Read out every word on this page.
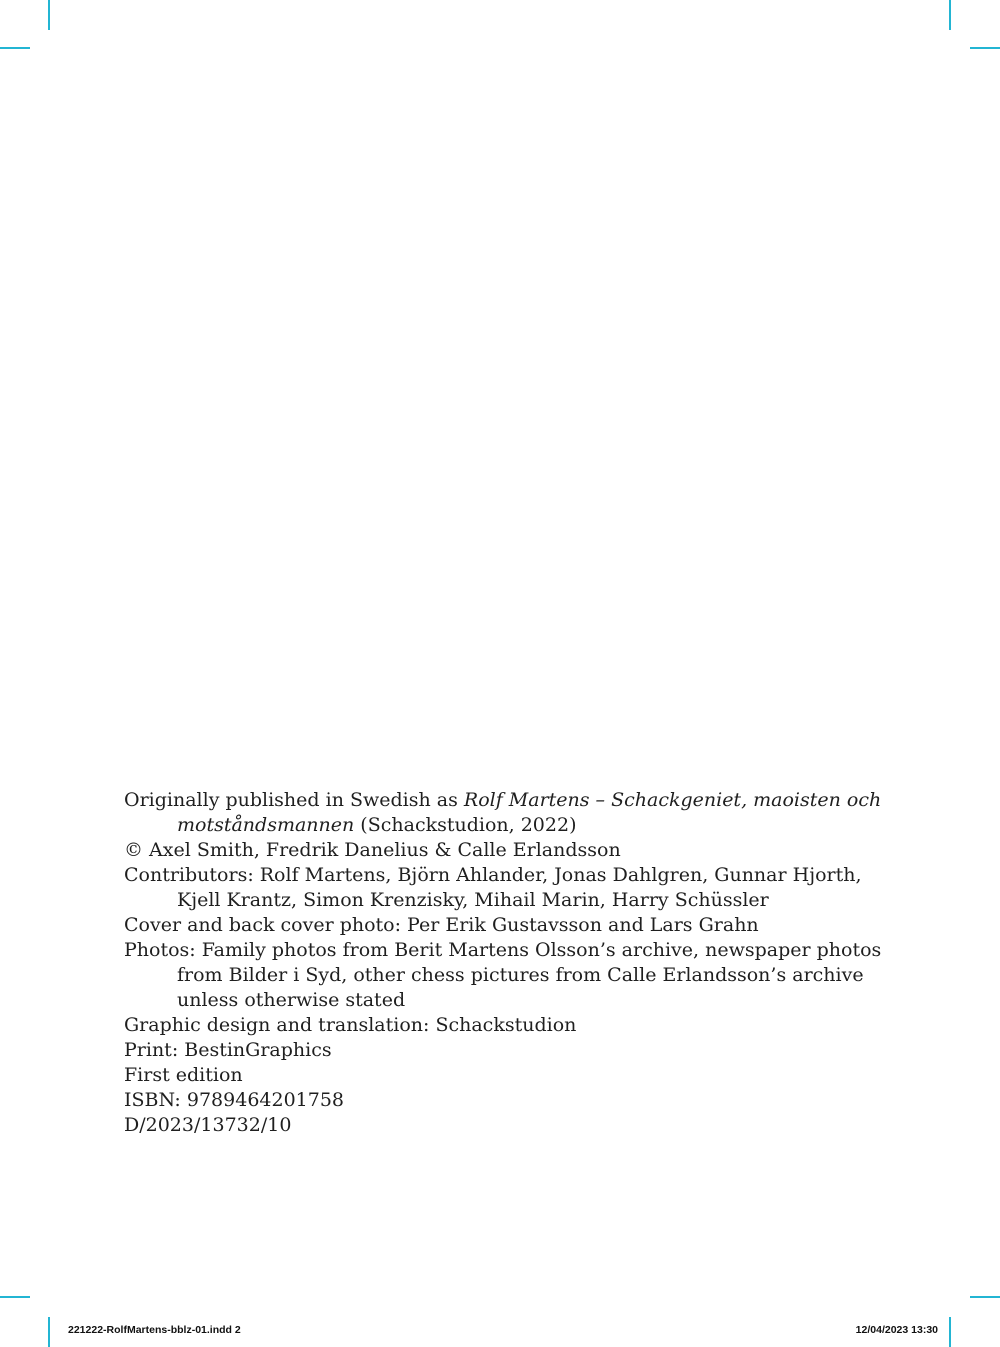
Originally published in Swedish as Rolf Martens – Schackgeniet, maoisten och
motståndsmannen (Schackstudion, 2022)
© Axel Smith, Fredrik Danelius & Calle Erlandsson
Contributors: Rolf Martens, Björn Ahlander, Jonas Dahlgren, Gunnar Hjorth,
Kjell Krantz, Simon Krenzisky, Mihail Marin, Harry Schüssler
Cover and back cover photo: Per Erik Gustavsson and Lars Grahn
Photos: Family photos from Berit Martens Olsson’s archive, newspaper photos
from Bilder i Syd, other chess pictures from Calle Erlandsson’s archive
unless otherwise stated
Graphic design and translation: Schackstudion
Print: BestinGraphics
First edition
ISBN: 9789464201758
D/2023/13732/10
221222-RolfMartens-bblz-01.indd 2	12/04/2023 13:30
